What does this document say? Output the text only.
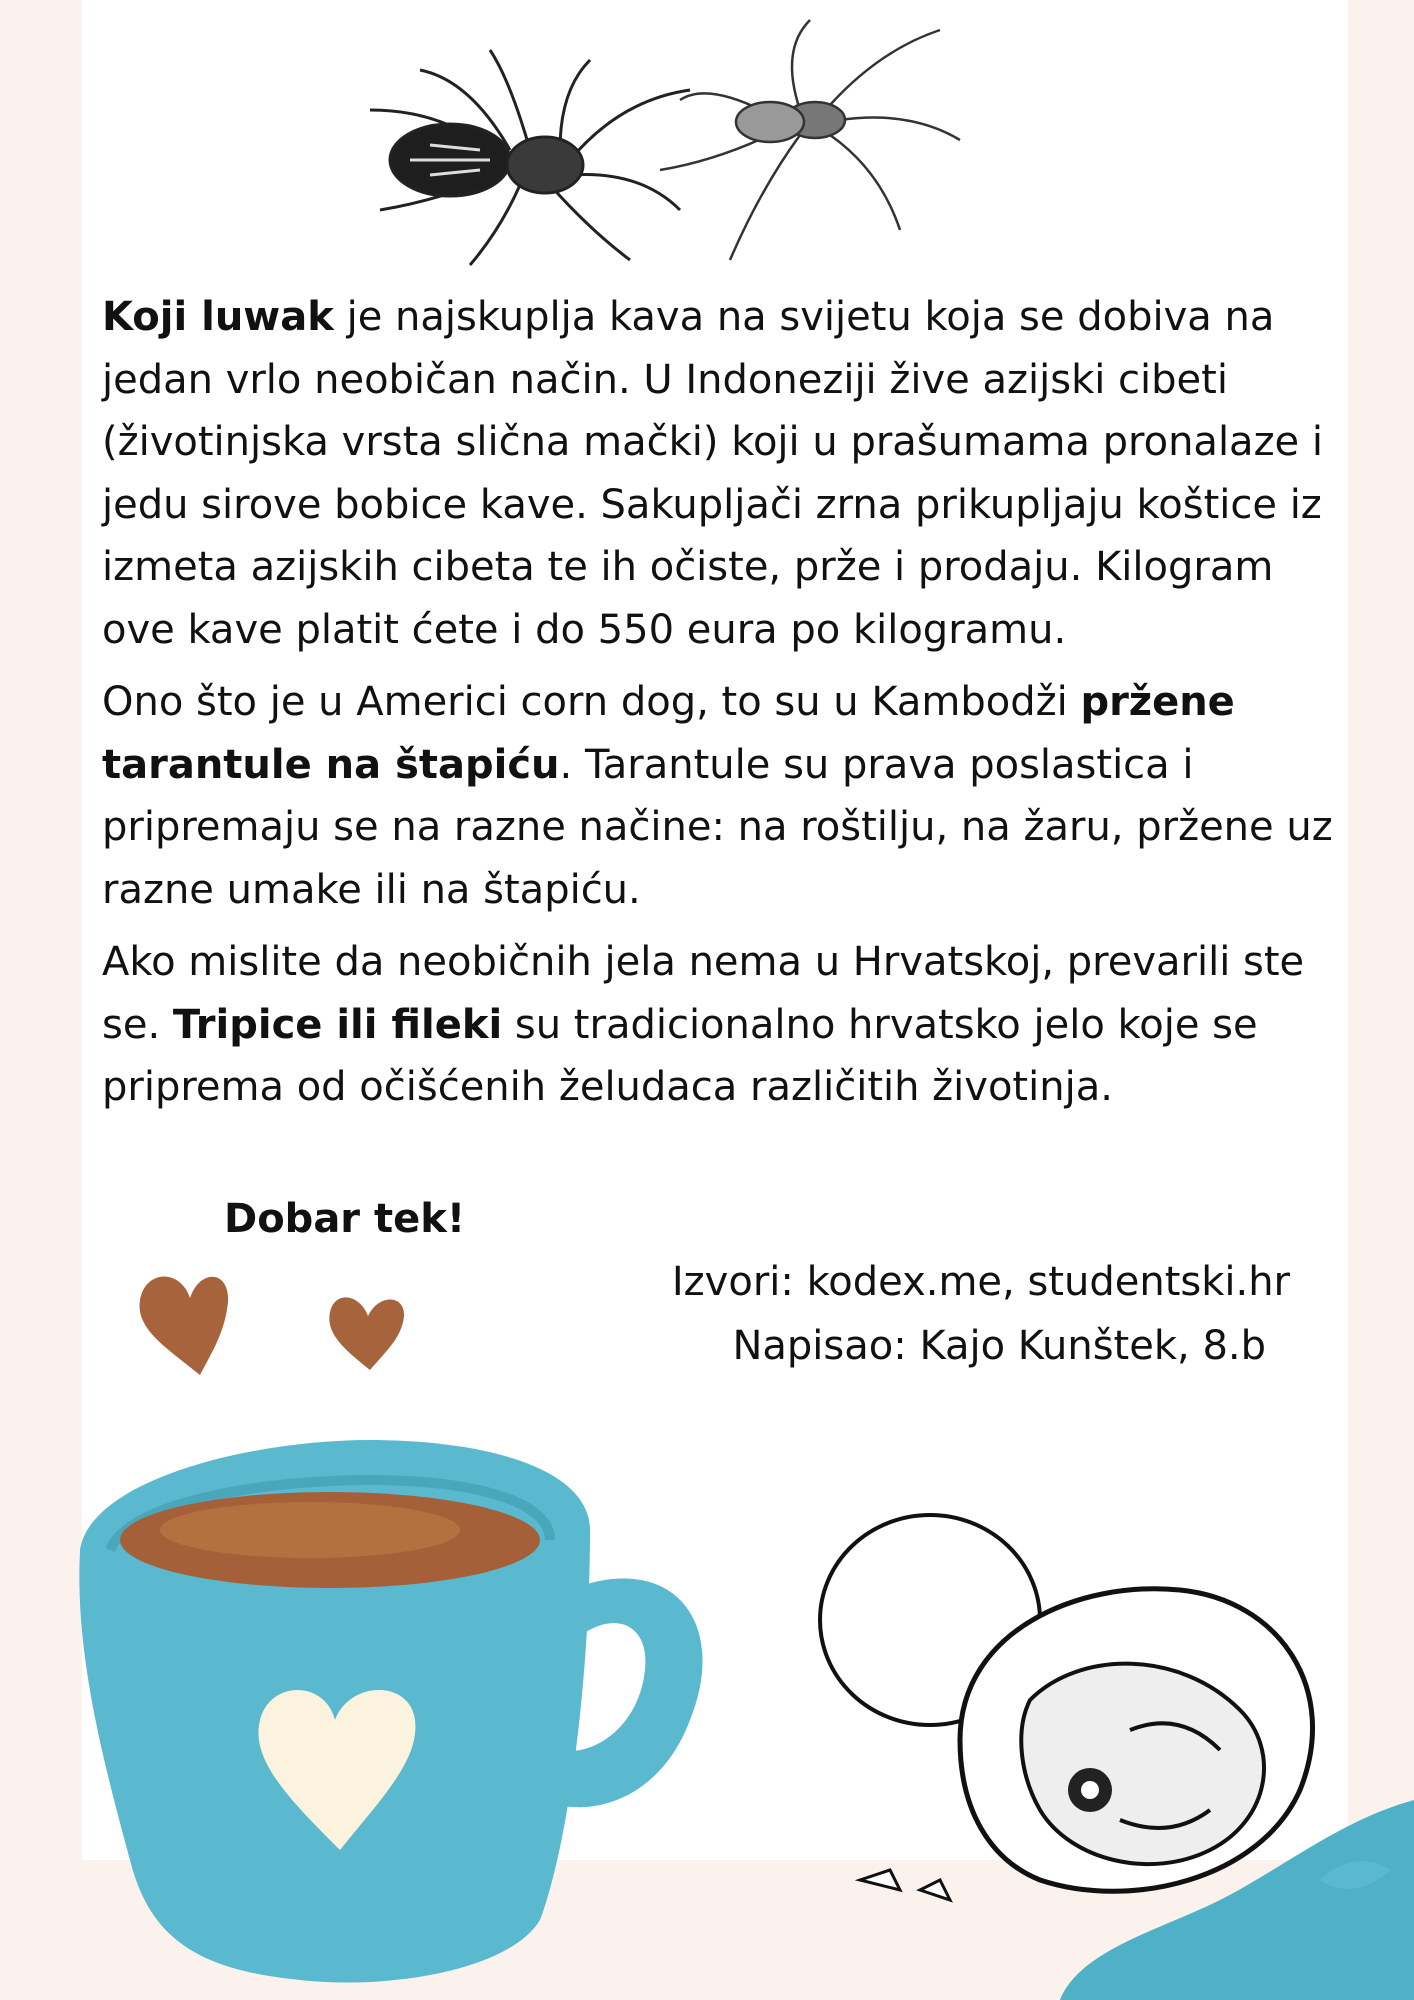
Koji luwak je najskuplja kava na svijetu koja se dobiva na jedan vrlo neobičan način. U Indoneziji žive azijski cibeti (životinjska vrsta slična mački) koji u prašumama pronalaze i jedu sirove bobice kave. Sakupljači zrna prikupljaju koštice iz izmeta azijskih cibeta te ih očiste, prže i prodaju. Kilogram ove kave platit ćete i do 550 eura po kilogramu.

Ono što je u Americi corn dog, to su u Kambodži pržene tarantule na štapiću. Tarantule su prava poslastica i pripremaju se na razne načine: na roštilju, na žaru, pržene uz razne umake ili na štapiću.

Ako mislite da neobičnih jela nema u Hrvatskoj, prevarili ste se. Tripice ili fileki su tradicionalno hrvatsko jelo koje se priprema od očišćenih želudaca različitih životinja.

Dobar tek!
Izvori: kodex.me, studentski.hr
Napisao: Kajo Kunštek, 8.b
